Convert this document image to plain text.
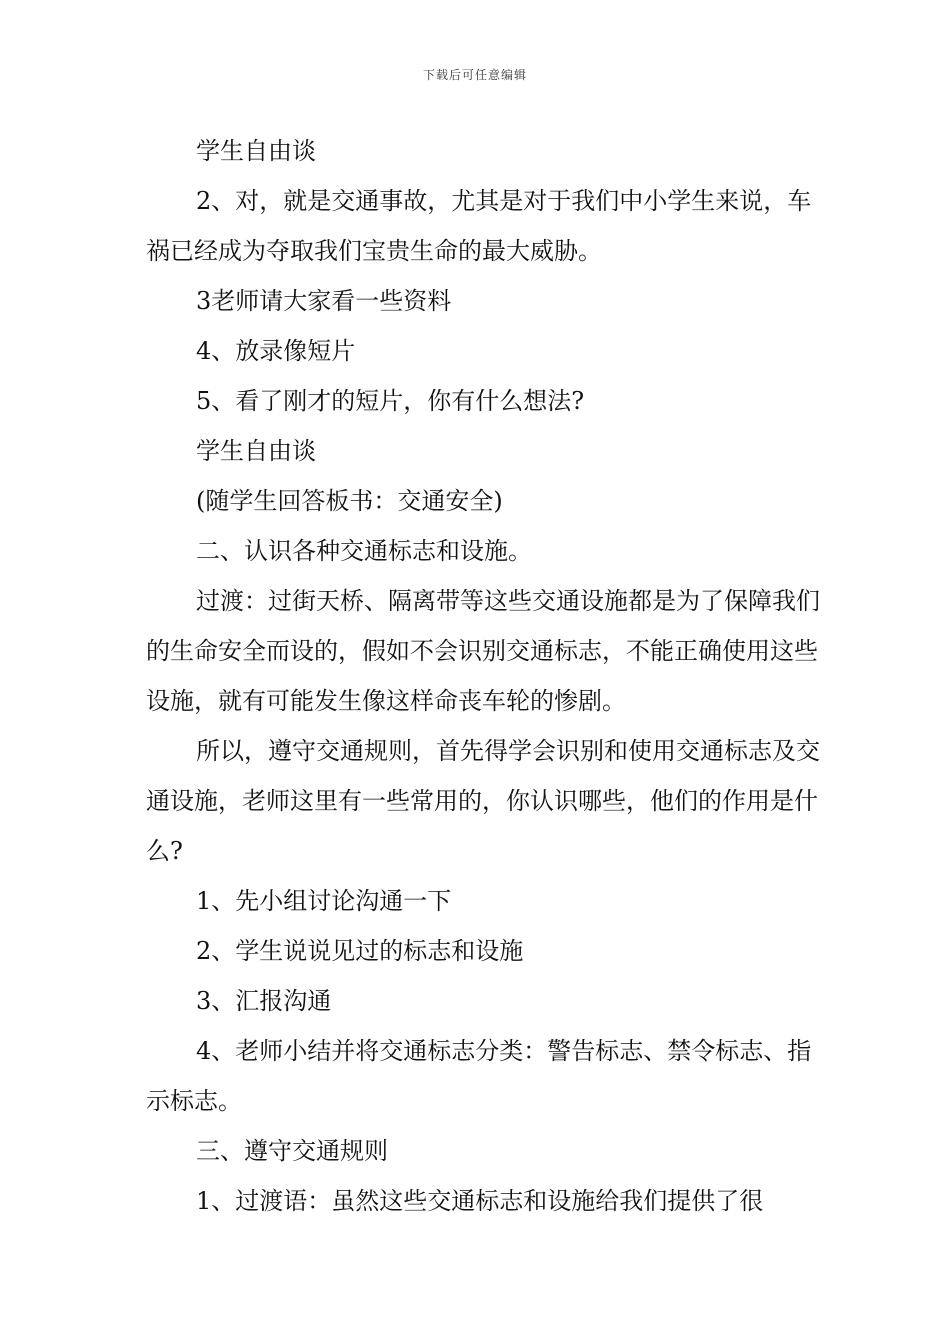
下载后可任意编辑

学生自由谈

2、对，就是交通事故，尤其是对于我们中小学生来说，车祸已经成为夺取我们宝贵生命的最大威胁。

3老师请大家看一些资料

4、放录像短片

5、看了刚才的短片，你有什么想法?

学生自由谈

(随学生回答板书：交通安全)

二、认识各种交通标志和设施。

过渡：过街天桥、隔离带等这些交通设施都是为了保障我们的生命安全而设的，假如不会识别交通标志，不能正确使用这些设施，就有可能发生像这样命丧车轮的惨剧。

所以，遵守交通规则，首先得学会识别和使用交通标志及交通设施，老师这里有一些常用的，你认识哪些，他们的作用是什么?

1、先小组讨论沟通一下

2、学生说说见过的标志和设施

3、汇报沟通

4、老师小结并将交通标志分类：警告标志、禁令标志、指示标志。

三、遵守交通规则

1、过渡语：虽然这些交通标志和设施给我们提供了很
